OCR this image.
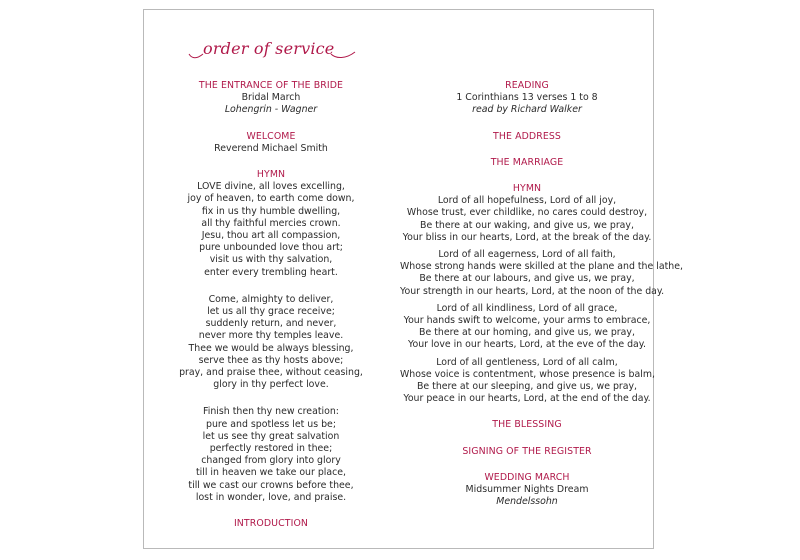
order of service
THE ENTRANCE OF THE BRIDE
Bridal March
Lohengrin - Wagner
WELCOME
Reverend Michael Smith
HYMN
LOVE divine, all loves excelling,
joy of heaven, to earth come down,
fix in us thy humble dwelling,
all thy faithful mercies crown.
Jesu, thou art all compassion,
pure unbounded love thou art;
visit us with thy salvation,
enter every trembling heart.
Come, almighty to deliver,
let us all thy grace receive;
suddenly return, and never,
never more thy temples leave.
Thee we would be always blessing,
serve thee as thy hosts above;
pray, and praise thee, without ceasing,
glory in thy perfect love.
Finish then thy new creation:
pure and spotless let us be;
let us see thy great salvation
perfectly restored in thee;
changed from glory into glory
till in heaven we take our place,
till we cast our crowns before thee,
lost in wonder, love, and praise.
INTRODUCTION
READING
1 Corinthians 13 verses 1 to 8
read by Richard Walker
THE ADDRESS
THE MARRIAGE
HYMN
Lord of all hopefulness, Lord of all joy,
Whose trust, ever childlike, no cares could destroy,
Be there at our waking, and give us, we pray,
Your bliss in our hearts, Lord, at the break of the day.
Lord of all eagerness, Lord of all faith,
Whose strong hands were skilled at the plane and the lathe,
Be there at our labours, and give us, we pray,
Your strength in our hearts, Lord, at the noon of the day.
Lord of all kindliness, Lord of all grace,
Your hands swift to welcome, your arms to embrace,
Be there at our homing, and give us, we pray,
Your love in our hearts, Lord, at the eve of the day.
Lord of all gentleness, Lord of all calm,
Whose voice is contentment, whose presence is balm,
Be there at our sleeping, and give us, we pray,
Your peace in our hearts, Lord, at the end of the day.
THE BLESSING
SIGNING OF THE REGISTER
WEDDING MARCH
Midsummer Nights Dream
Mendelssohn
